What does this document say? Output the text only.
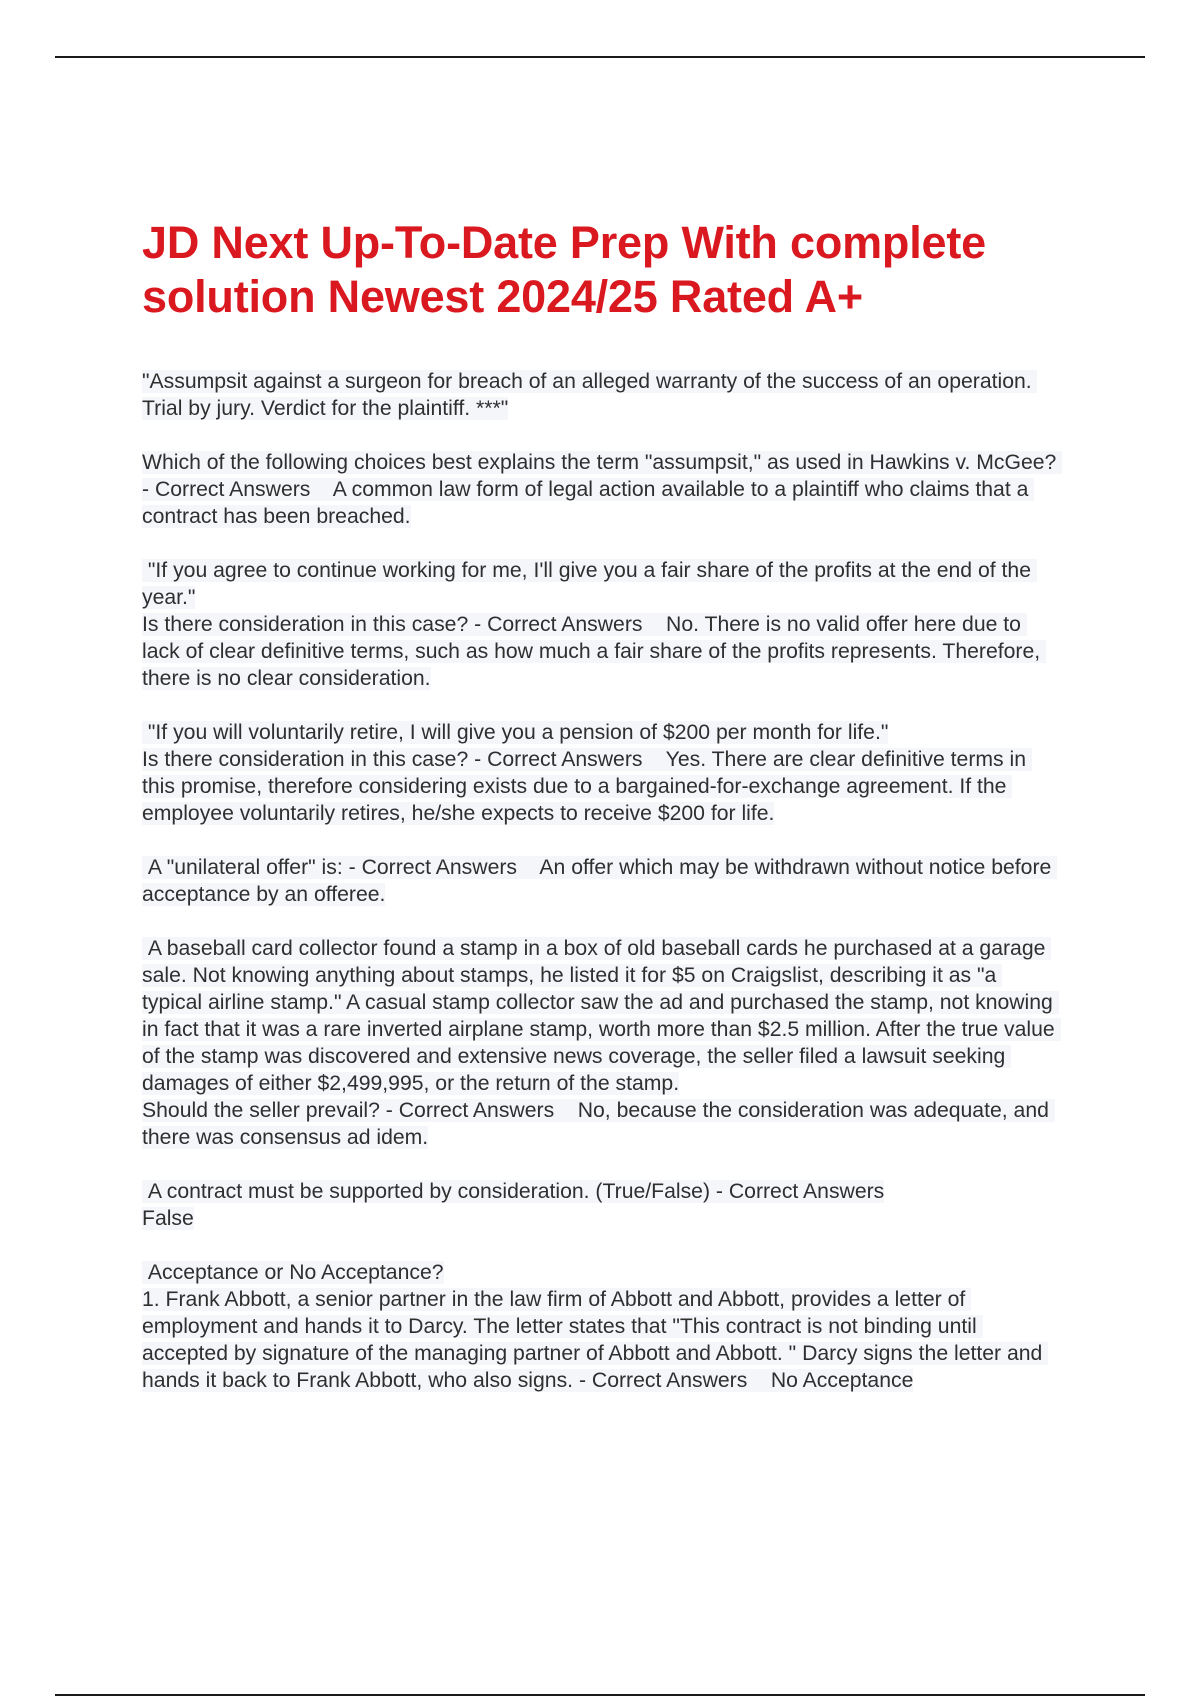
JD Next Up-To-Date Prep With complete solution Newest 2024/25 Rated A+

"Assumpsit against a surgeon for breach of an alleged warranty of the success of an operation. Trial by jury. Verdict for the plaintiff. ***"

Which of the following choices best explains the term "assumpsit," as used in Hawkins v. McGee? - Correct Answers A common law form of legal action available to a plaintiff who claims that a contract has been breached.

"If you agree to continue working for me, I'll give you a fair share of the profits at the end of the year."
Is there consideration in this case? - Correct Answers No. There is no valid offer here due to lack of clear definitive terms, such as how much a fair share of the profits represents. Therefore, there is no clear consideration.

"If you will voluntarily retire, I will give you a pension of $200 per month for life."
Is there consideration in this case? - Correct Answers Yes. There are clear definitive terms in this promise, therefore considering exists due to a bargained-for-exchange agreement. If the employee voluntarily retires, he/she expects to receive $200 for life.

A "unilateral offer" is: - Correct Answers An offer which may be withdrawn without notice before acceptance by an offeree.

A baseball card collector found a stamp in a box of old baseball cards he purchased at a garage sale. Not knowing anything about stamps, he listed it for $5 on Craigslist, describing it as "a typical airline stamp." A casual stamp collector saw the ad and purchased the stamp, not knowing in fact that it was a rare inverted airplane stamp, worth more than $2.5 million. After the true value of the stamp was discovered and extensive news coverage, the seller filed a lawsuit seeking damages of either $2,499,995, or the return of the stamp.
Should the seller prevail? - Correct Answers No, because the consideration was adequate, and there was consensus ad idem.

A contract must be supported by consideration. (True/False) - Correct Answers
False

Acceptance or No Acceptance?
1. Frank Abbott, a senior partner in the law firm of Abbott and Abbott, provides a letter of employment and hands it to Darcy. The letter states that "This contract is not binding until accepted by signature of the managing partner of Abbott and Abbott. " Darcy signs the letter and hands it back to Frank Abbott, who also signs. - Correct Answers No Acceptance
